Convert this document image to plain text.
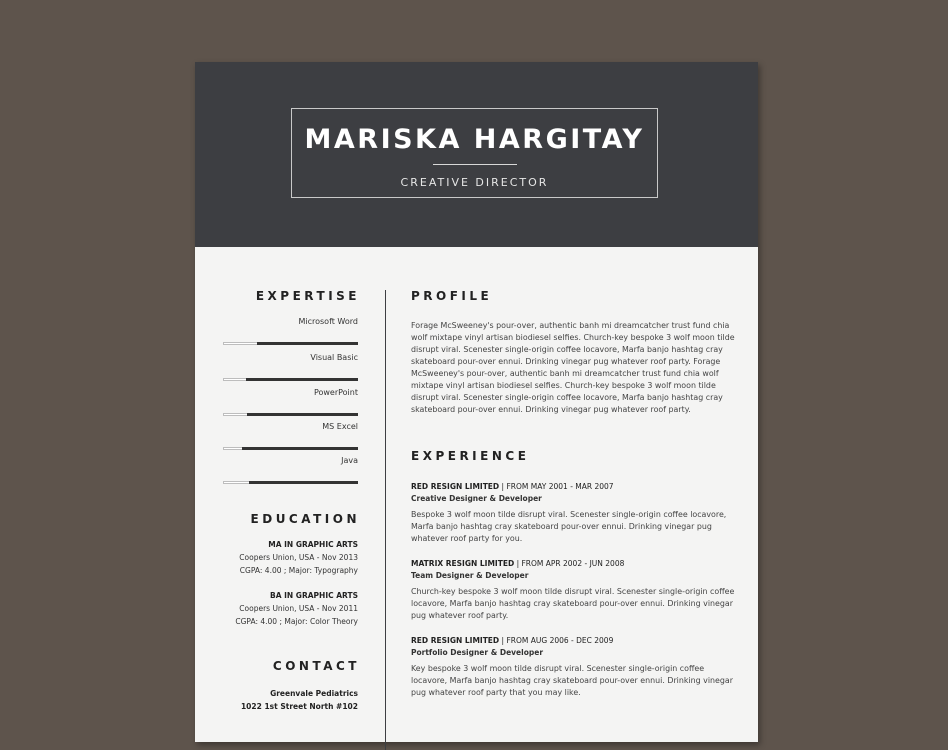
MARISKA HARGITAY
CREATIVE DIRECTOR
EXPERTISE
Microsoft Word
Visual Basic
PowerPoint
MS Excel
Java
EDUCATION
MA IN GRAPHIC ARTS
Coopers Union, USA - Nov 2013
CGPA: 4.00 ; Major: Typography
BA IN GRAPHIC ARTS
Coopers Union, USA - Nov 2011
CGPA: 4.00 ; Major: Color Theory
CONTACT
Greenvale Pediatrics
1022 1st Street North #102
PROFILE
Forage McSweeney's pour-over, authentic banh mi dreamcatcher trust fund chia wolf mixtape vinyl artisan biodiesel selfies. Church-key bespoke 3 wolf moon tilde disrupt viral. Scenester single-origin coffee locavore, Marfa banjo hashtag cray skateboard pour-over ennui. Drinking vinegar pug whatever roof party. Forage McSweeney's pour-over, authentic banh mi dreamcatcher trust fund chia wolf mixtape vinyl artisan biodiesel selfies. Church-key bespoke 3 wolf moon tilde disrupt viral. Scenester single-origin coffee locavore, Marfa banjo hashtag cray skateboard pour-over ennui. Drinking vinegar pug whatever roof party.
EXPERIENCE
RED RESIGN LIMITED | FROM MAY 2001 - MAR 2007
Creative Designer & Developer
Bespoke 3 wolf moon tilde disrupt viral. Scenester single-origin coffee locavore, Marfa banjo hashtag cray skateboard pour-over ennui. Drinking vinegar pug whatever roof party for you.
MATRIX RESIGN LIMITED | FROM APR 2002 - JUN 2008
Team Designer & Developer
Church-key bespoke 3 wolf moon tilde disrupt viral. Scenester single-origin coffee locavore, Marfa banjo hashtag cray skateboard pour-over ennui. Drinking vinegar pug whatever roof party.
RED RESIGN LIMITED | FROM AUG 2006 - DEC 2009
Portfolio Designer & Developer
Key bespoke 3 wolf moon tilde disrupt viral. Scenester single-origin coffee locavore, Marfa banjo hashtag cray skateboard pour-over ennui. Drinking vinegar pug whatever roof party that you may like.
